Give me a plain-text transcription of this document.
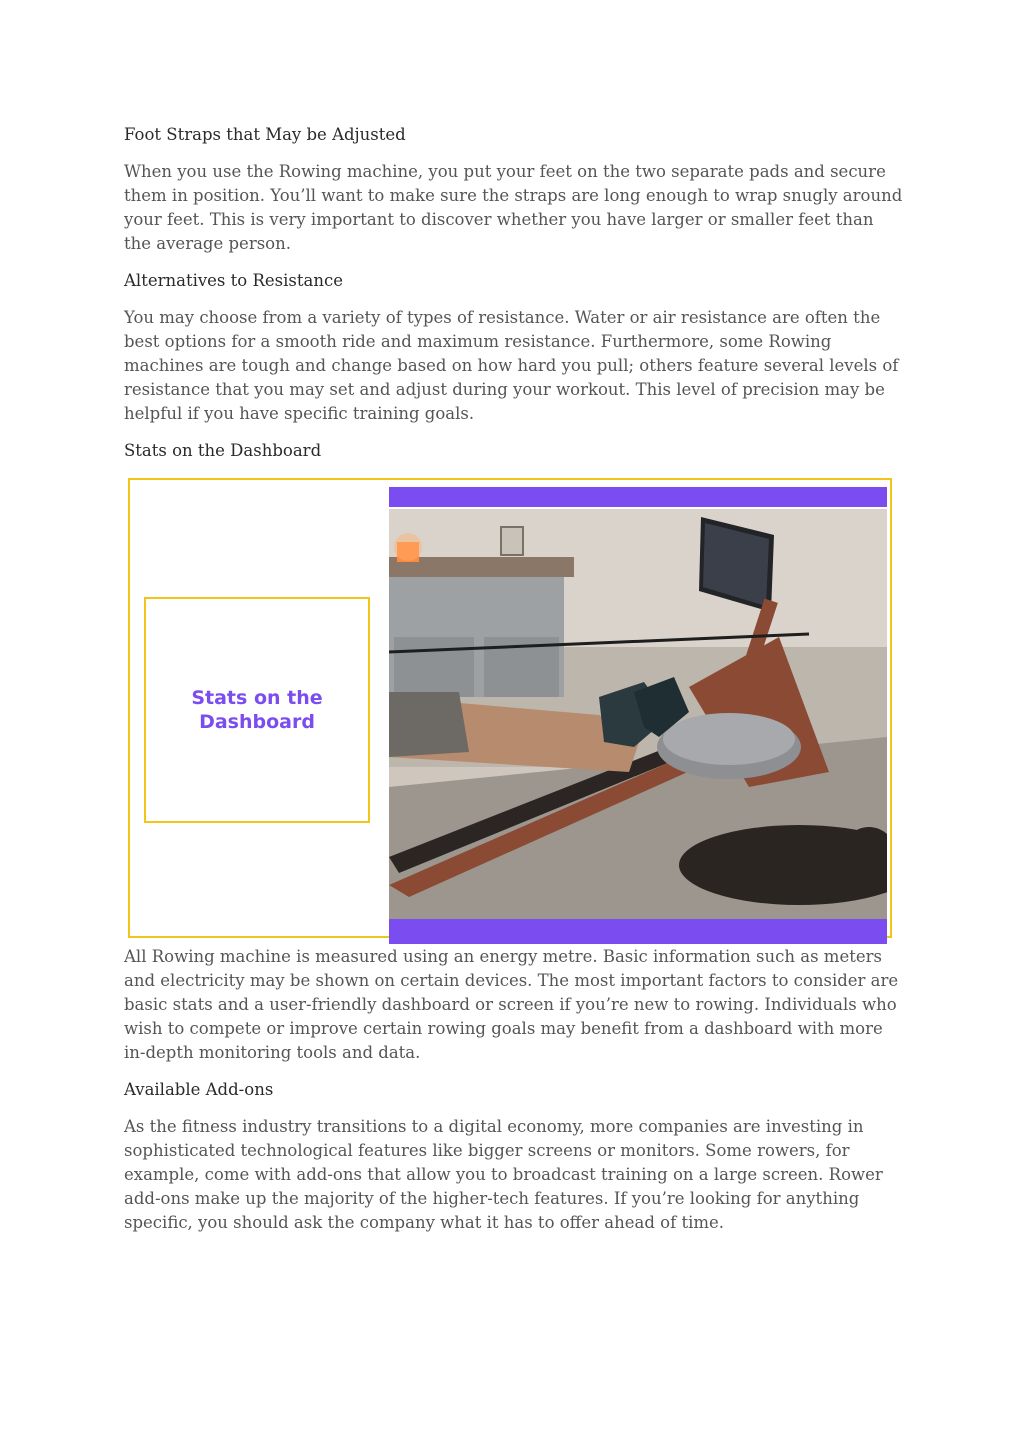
Foot Straps that May be Adjusted

When you use the Rowing machine, you put your feet on the two separate pads and secure them in position. You’ll want to make sure the straps are long enough to wrap snugly around your feet. This is very important to discover whether you have larger or smaller feet than the average person.

Alternatives to Resistance

You may choose from a variety of types of resistance. Water or air resistance are often the best options for a smooth ride and maximum resistance. Furthermore, some Rowing machines are tough and change based on how hard you pull; others feature several levels of resistance that you may set and adjust during your workout. This level of precision may be helpful if you have specific training goals.

Stats on the Dashboard

All Rowing machine is measured using an energy metre. Basic information such as meters and electricity may be shown on certain devices. The most important factors to consider are basic stats and a user-friendly dashboard or screen if you’re new to rowing. Individuals who wish to compete or improve certain rowing goals may benefit from a dashboard with more in-depth monitoring tools and data.

Available Add-ons

As the fitness industry transitions to a digital economy, more companies are investing in sophisticated technological features like bigger screens or monitors. Some rowers, for example, come with add-ons that allow you to broadcast training on a large screen. Rower add-ons make up the majority of the higher-tech features. If you’re looking for anything specific, you should ask the company what it has to offer ahead of time.

Stats on the Dashboard
